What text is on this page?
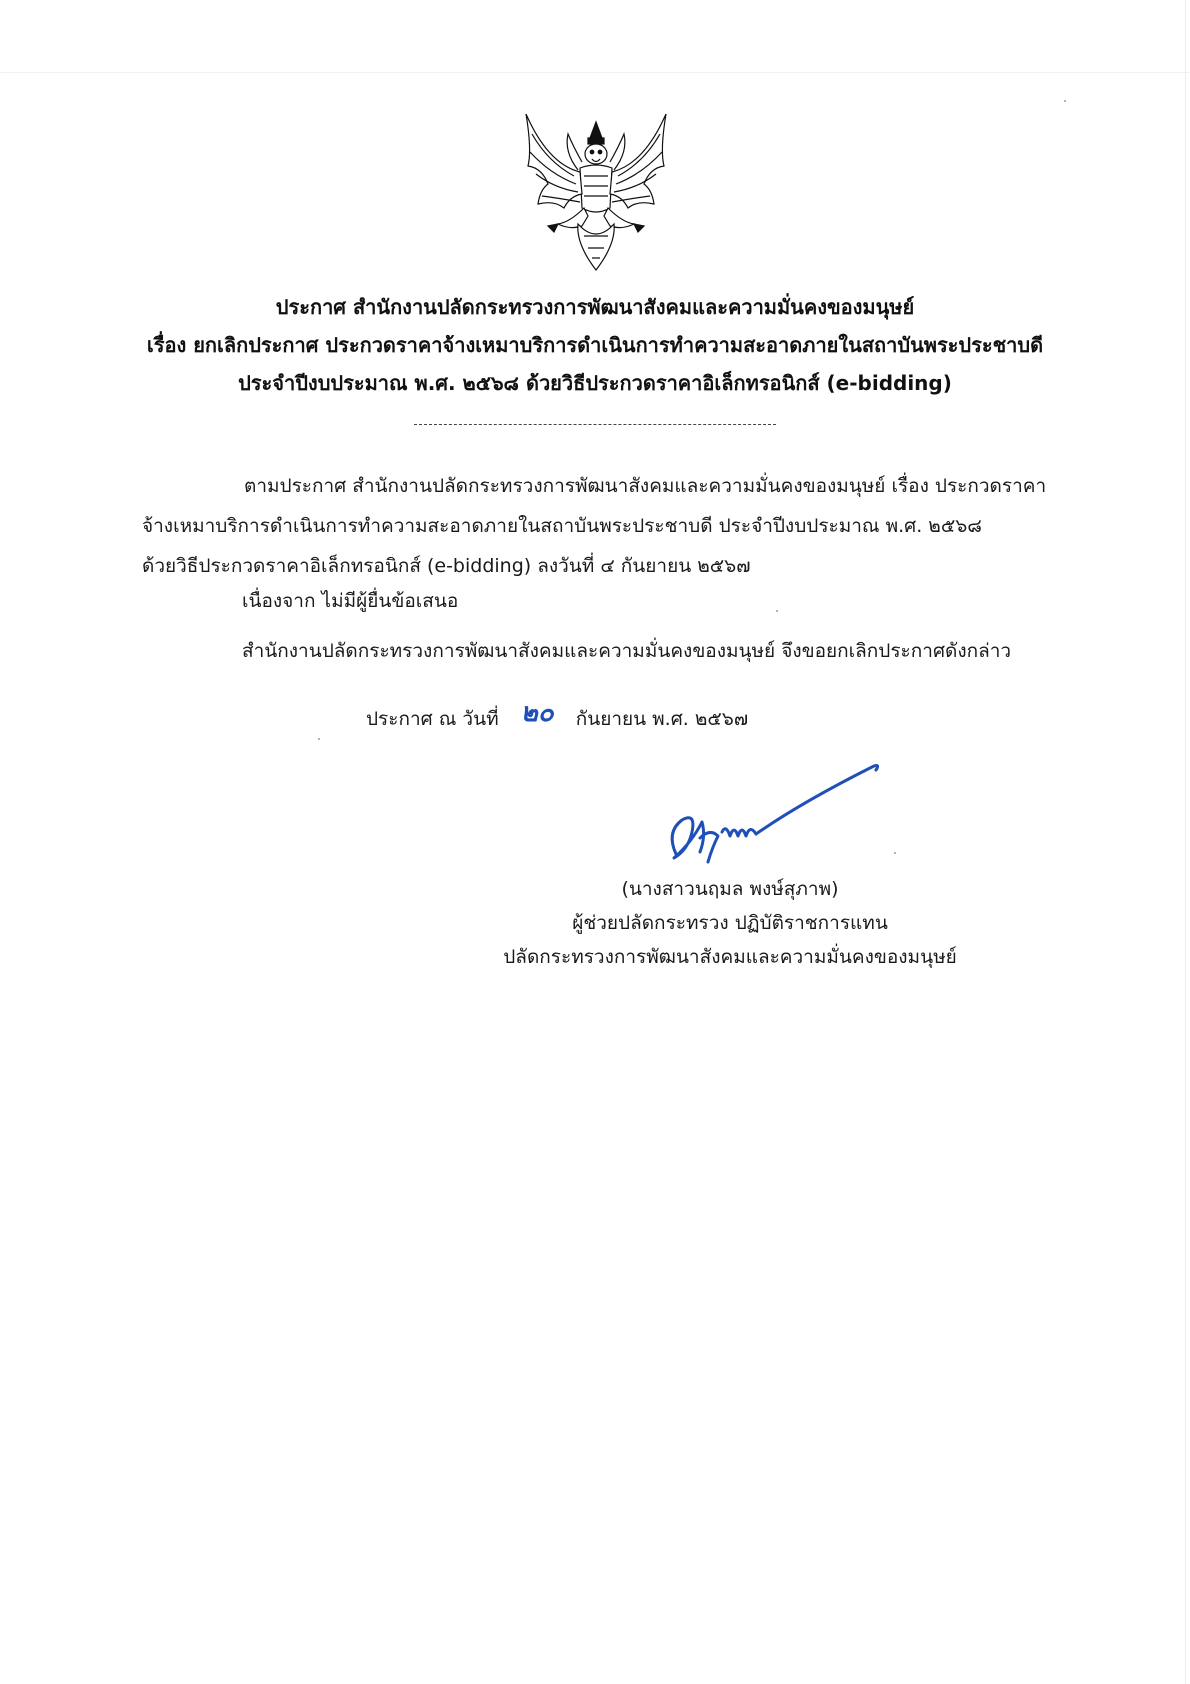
ประกาศ สำนักงานปลัดกระทรวงการพัฒนาสังคมและความมั่นคงของมนุษย์
เรื่อง ยกเลิกประกาศ ประกวดราคาจ้างเหมาบริการดำเนินการทำความสะอาดภายในสถาบันพระประชาบดี
ประจำปีงบประมาณ พ.ศ. ๒๕๖๘ ด้วยวิธีประกวดราคาอิเล็กทรอนิกส์ (e-bidding)
ตามประกาศ สำนักงานปลัดกระทรวงการพัฒนาสังคมและความมั่นคงของมนุษย์ เรื่อง ประกวดราคา
จ้างเหมาบริการดำเนินการทำความสะอาดภายในสถาบันพระประชาบดี ประจำปีงบประมาณ พ.ศ. ๒๕๖๘
ด้วยวิธีประกวดราคาอิเล็กทรอนิกส์ (e-bidding) ลงวันที่ ๔ กันยายน ๒๕๖๗
เนื่องจาก ไม่มีผู้ยื่นข้อเสนอ
สำนักงานปลัดกระทรวงการพัฒนาสังคมและความมั่นคงของมนุษย์ จึงขอยกเลิกประกาศดังกล่าว
ประกาศ ณ วันที่ ๒๐ กันยายน พ.ศ. ๒๕๖๗
(นางสาวนฤมล พงษ์สุภาพ)
ผู้ช่วยปลัดกระทรวง ปฏิบัติราชการแทน
ปลัดกระทรวงการพัฒนาสังคมและความมั่นคงของมนุษย์
